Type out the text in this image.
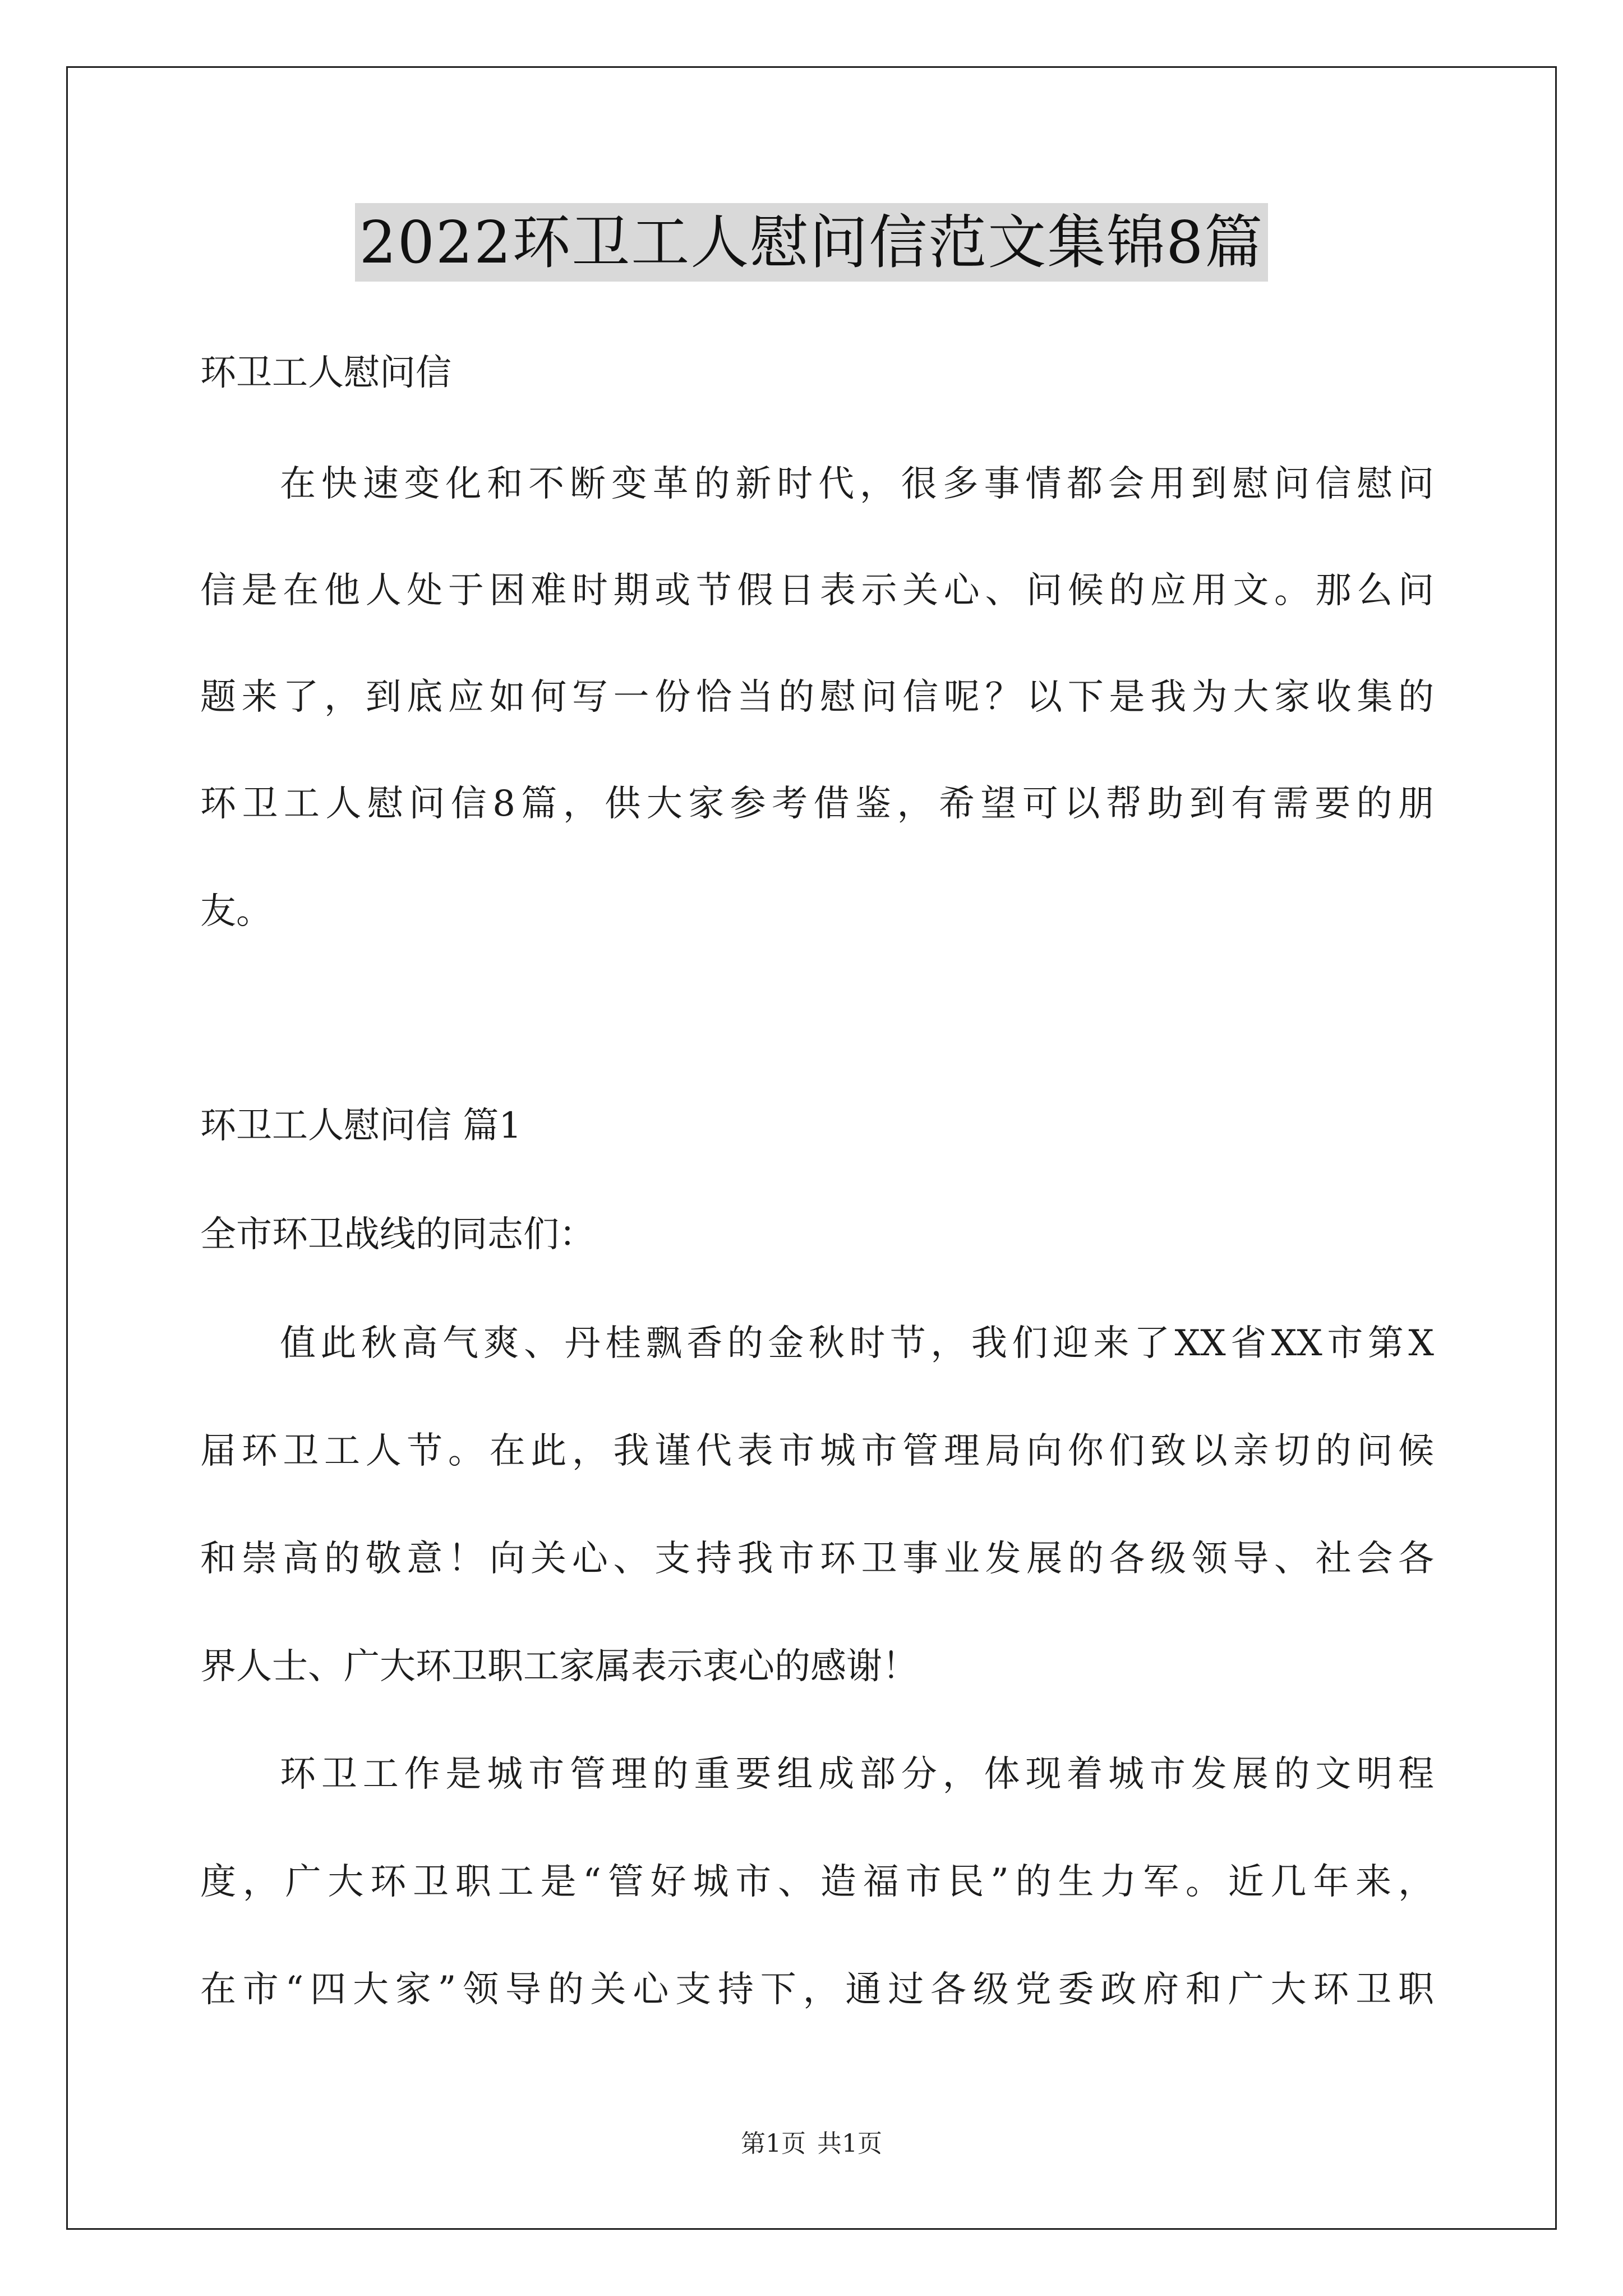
2022环卫工人慰问信范文集锦8篇
环卫工人慰问信
在快速变化和不断变革的新时代，很多事情都会用到慰问信慰问
信是在他人处于困难时期或节假日表示关心、问候的应用文。那么问
题来了，到底应如何写一份恰当的慰问信呢？以下是我为大家收集的
环卫工人慰问信8篇，供大家参考借鉴，希望可以帮助到有需要的朋
友。
环卫工人慰问信 篇1
全市环卫战线的同志们：
值此秋高气爽、丹桂飘香的金秋时节，我们迎来了XX省XX市第X
届环卫工人节。在此，我谨代表市城市管理局向你们致以亲切的问候
和崇高的敬意！向关心、支持我市环卫事业发展的各级领导、社会各
界人士、广大环卫职工家属表示衷心的感谢！
环卫工作是城市管理的重要组成部分，体现着城市发展的文明程
度，广大环卫职工是“管好城市、造福市民”的生力军。近几年来，
在市“四大家”领导的关心支持下，通过各级党委政府和广大环卫职
第1页 共1页
